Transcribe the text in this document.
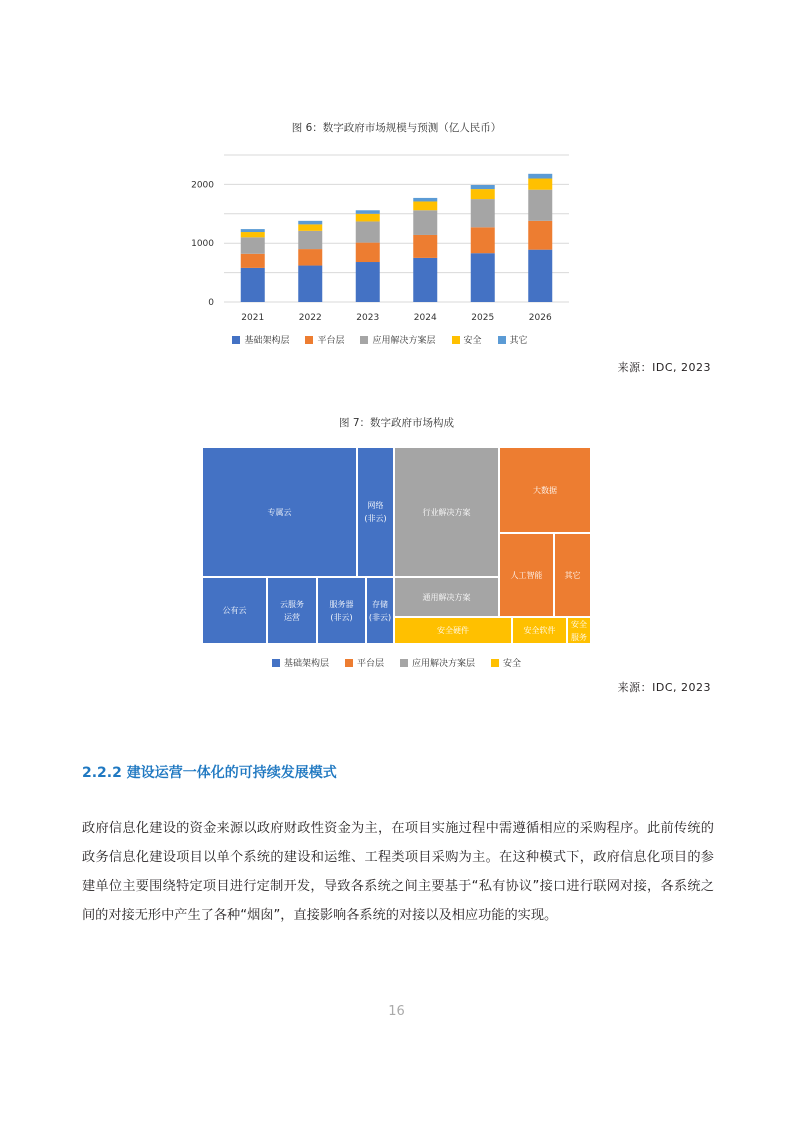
图 6：数字政府市场规模与预测（亿人民币）
0
1000
2000
2021	2022	2023	2024	2025	2026
基础架构层	平台层	应用解决方案层	安全	其它
来源：IDC, 2023
图 7：数字政府市场构成
专属云
网络
(非云)
公有云
云服务
运营
服务器
(非云)
存储
(非云)
行业解决方案
通用解决方案
大数据
人工智能	其它
安全硬件	安全软件
安全
服务
基础架构层	平台层	应用解决方案层	安全
来源：IDC, 2023
2.2.2 建设运营一体化的可持续发展模式
政府信息化建设的资金来源以政府财政性资金为主，在项目实施过程中需遵循相应的采购程序。此前传统的政务信息化建设项目以单个系统的建设和运维、工程类项目采购为主。在这种模式下，政府信息化项目的参建单位主要围绕特定项目进行定制开发，导致各系统之间主要基于“私有协议”接口进行联网对接，各系统之间的对接无形中产生了各种“烟囱”，直接影响各系统的对接以及相应功能的实现。
16
